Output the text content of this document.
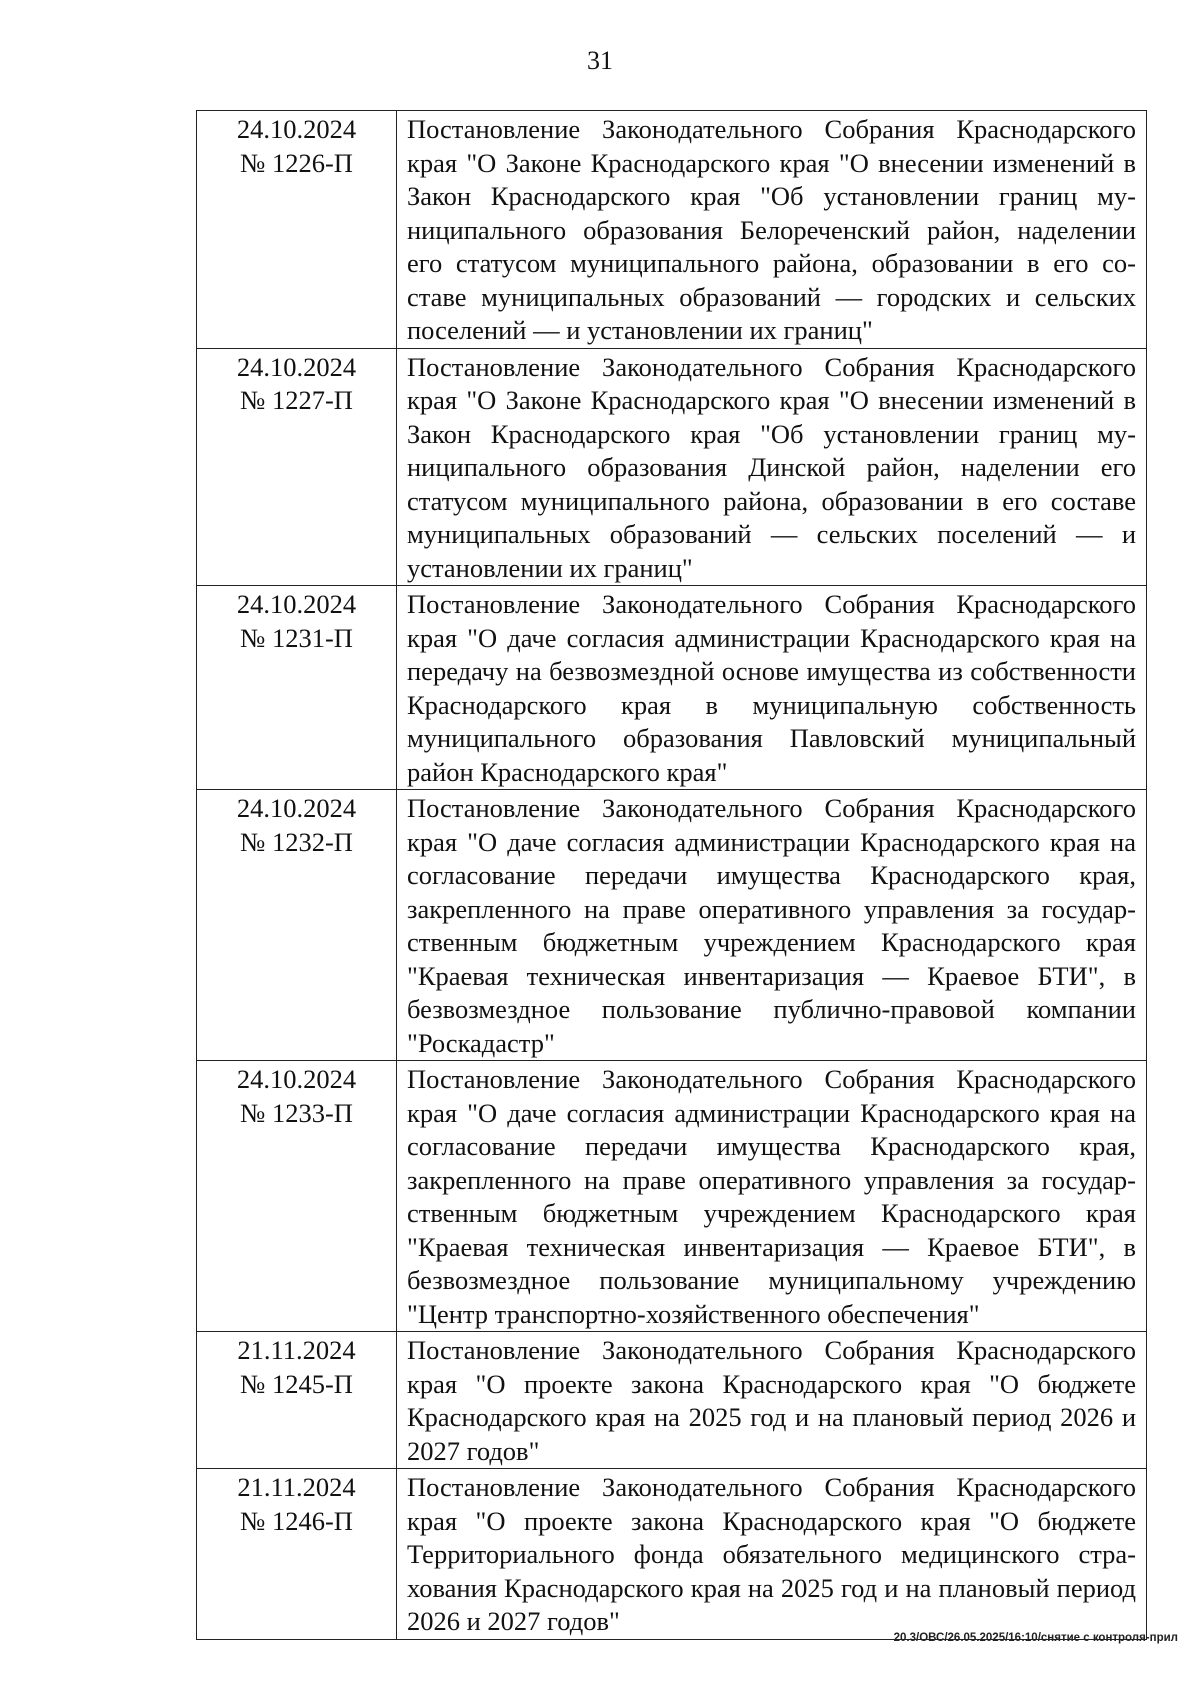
31
24.10.2024
№ 1226-П	Постановление Законодательного Собрания Краснодарского края "О Законе Краснодарского края "О внесении изменений в Закон Краснодарского края "Об установлении границ муниципального образования Белореченский район, наделении его статусом муниципального района, образовании в его составе муниципальных образований — городских и сельских поселений — и установлении их границ"

24.10.2024
№ 1227-П	Постановление Законодательного Собрания Краснодарского края "О Законе Краснодарского края "О внесении изменений в Закон Краснодарского края "Об установлении границ муниципального образования Динской район, наделении его статусом муниципального района, образовании в его составе муниципальных образований — сельских поселений — и установлении их границ"

24.10.2024
№ 1231-П	Постановление Законодательного Собрания Краснодарского края "О даче согласия администрации Краснодарского края на передачу на безвозмездной основе имущества из собственности Краснодарского края в муниципальную собственность муниципального образования Павловский муниципальный район Краснодарского края"

24.10.2024
№ 1232-П	Постановление Законодательного Собрания Краснодарского края "О даче согласия администрации Краснодарского края на согласование передачи имущества Краснодарского края, закрепленного на праве оперативного управления за государственным бюджетным учреждением Краснодарского края "Краевая техническая инвентаризация — Краевое БТИ", в безвозмездное пользование публично-правовой компании "Роскадастр"

24.10.2024
№ 1233-П	Постановление Законодательного Собрания Краснодарского края "О даче согласия администрации Краснодарского края на согласование передачи имущества Краснодарского края, закрепленного на праве оперативного управления за государственным бюджетным учреждением Краснодарского края "Краевая техническая инвентаризация — Краевое БТИ", в безвозмездное пользование муниципальному учреждению "Центр транспортно-хозяйственного обеспечения"

21.11.2024
№ 1245-П	Постановление Законодательного Собрания Краснодарского края "О проекте закона Краснодарского края "О бюджете Краснодарского края на 2025 год и на плановый период 2026 и 2027 годов"

21.11.2024
№ 1246-П	Постановление Законодательного Собрания Краснодарского края "О проекте закона Краснодарского края "О бюджете Территориального фонда обязательного медицинского страхования Краснодарского края на 2025 год и на плановый период 2026 и 2027 годов"
20.3/ОВС/26.05.2025/16:10/снятие с контроля-прил
